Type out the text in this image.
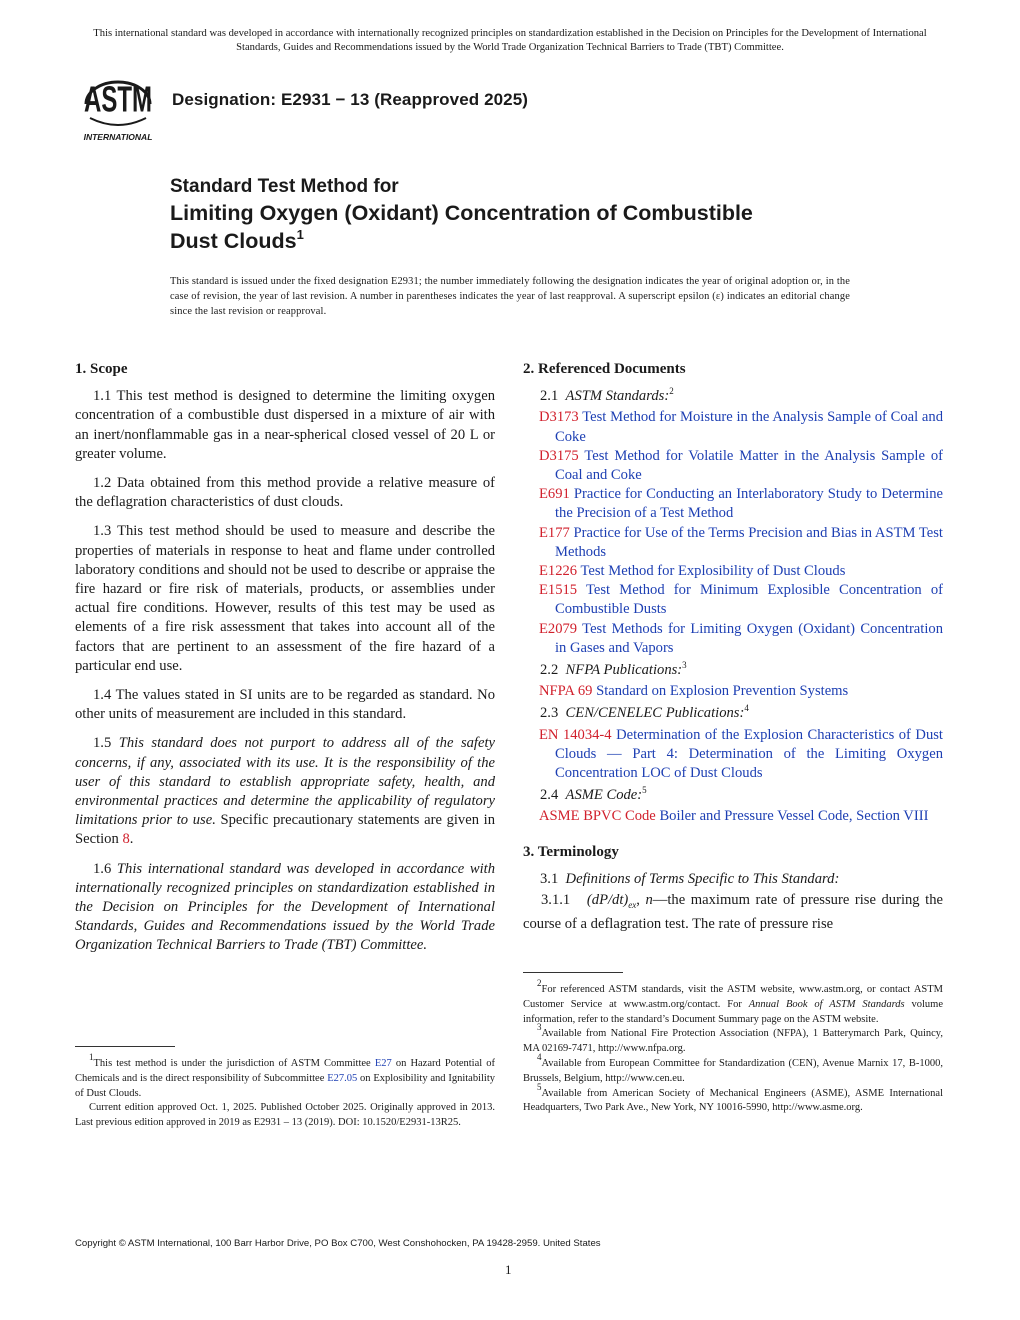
This international standard was developed in accordance with internationally recognized principles on standardization established in the Decision on Principles for the Development of International Standards, Guides and Recommendations issued by the World Trade Organization Technical Barriers to Trade (TBT) Committee.
ASTM
INTERNATIONAL
Designation: E2931 − 13 (Reapproved 2025)
Standard Test Method for
Limiting Oxygen (Oxidant) Concentration of Combustible
Dust Clouds$^1$
This standard is issued under the fixed designation E2931; the number immediately following the designation indicates the year of original adoption or, in the case of revision, the year of last revision. A number in parentheses indicates the year of last reapproval. A superscript epsilon (ε) indicates an editorial change since the last revision or reapproval.
1. Scope

1.1 This test method is designed to determine the limiting oxygen concentration of a combustible dust dispersed in a mixture of air with an inert/nonflammable gas in a near-spherical closed vessel of 20 L or greater volume.

1.2 Data obtained from this method provide a relative measure of the deflagration characteristics of dust clouds.

1.3 This test method should be used to measure and describe the properties of materials in response to heat and flame under controlled laboratory conditions and should not be used to describe or appraise the fire hazard or fire risk of materials, products, or assemblies under actual fire conditions. However, results of this test may be used as elements of a fire risk assessment that takes into account all of the factors that are pertinent to an assessment of the fire hazard of a particular end use.

1.4 The values stated in SI units are to be regarded as standard. No other units of measurement are included in this standard.

1.5 This standard does not purport to address all of the safety concerns, if any, associated with its use. It is the responsibility of the user of this standard to establish appropriate safety, health, and environmental practices and determine the applicability of regulatory limitations prior to use. Specific precautionary statements are given in Section 8.

1.6 This international standard was developed in accordance with internationally recognized principles on standardization established in the Decision on Principles for the Development of International Standards, Guides and Recommendations issued by the World Trade Organization Technical Barriers to Trade (TBT) Committee.

$^1$This test method is under the jurisdiction of ASTM Committee E27 on Hazard Potential of Chemicals and is the direct responsibility of Subcommittee E27.05 on Explosibility and Ignitability of Dust Clouds.

Current edition approved Oct. 1, 2025. Published October 2025. Originally approved in 2013. Last previous edition approved in 2019 as E2931 – 13 (2019). DOI: 10.1520/E2931-13R25.

2. Referenced Documents
2.1 ASTM Standards:$^2$

D3173 Test Method for Moisture in the Analysis Sample of Coal and Coke

D3175 Test Method for Volatile Matter in the Analysis Sample of Coal and Coke

E691 Practice for Conducting an Interlaboratory Study to Determine the Precision of a Test Method

E177 Practice for Use of the Terms Precision and Bias in ASTM Test Methods

E1226 Test Method for Explosibility of Dust Clouds

E1515 Test Method for Minimum Explosible Concentration of Combustible Dusts

E2079 Test Methods for Limiting Oxygen (Oxidant) Concentration in Gases and Vapors

2.2 NFPA Publications:$^3$

NFPA 69 Standard on Explosion Prevention Systems

2.3 CEN/CENELEC Publications:$^4$

EN 14034-4 Determination of the Explosion Characteristics of Dust Clouds — Part 4: Determination of the Limiting Oxygen Concentration LOC of Dust Clouds

2.4 ASME Code:$^5$

ASME BPVC Code Boiler and Pressure Vessel Code, Section VIII

3. Terminology
3.1 Definitions of Terms Specific to This Standard:

3.1.1 $(dP/dt)_{ex}$, n—the maximum rate of pressure rise during the course of a deflagration test. The rate of pressure rise

$^2$For referenced ASTM standards, visit the ASTM website, www.astm.org, or contact ASTM Customer Service at www.astm.org/contact. For Annual Book of ASTM Standards volume information, refer to the standard’s Document Summary page on the ASTM website.

$^3$Available from National Fire Protection Association (NFPA), 1 Batterymarch Park, Quincy, MA 02169-7471, http://www.nfpa.org.

$^4$Available from European Committee for Standardization (CEN), Avenue Marnix 17, B-1000, Brussels, Belgium, http://www.cen.eu.

$^5$Available from American Society of Mechanical Engineers (ASME), ASME International Headquarters, Two Park Ave., New York, NY 10016-5990, http://www.asme.org.

Copyright © ASTM International, 100 Barr Harbor Drive, PO Box C700, West Conshohocken, PA 19428-2959. United States
1
